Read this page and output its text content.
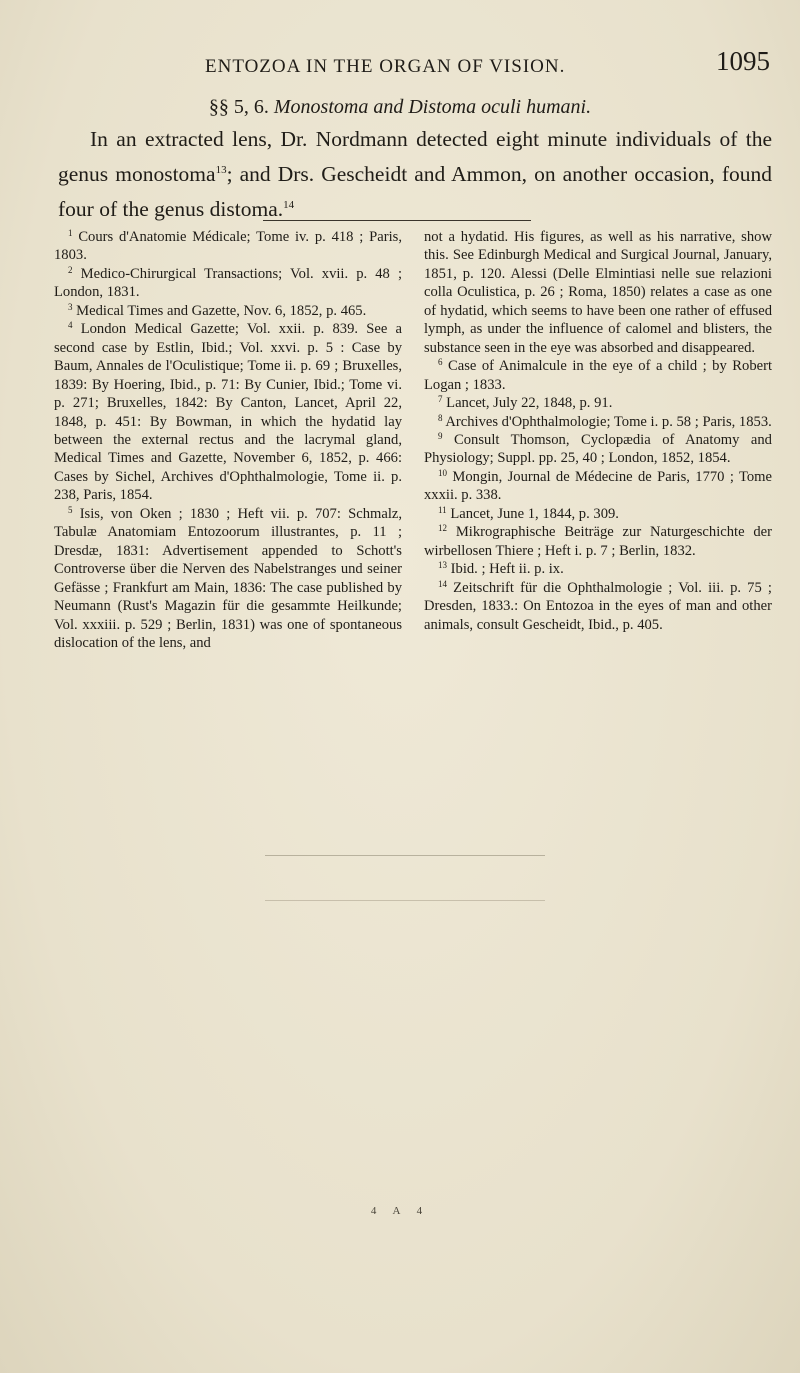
ENTOZOA IN THE ORGAN OF VISION.	1095
§§ 5, 6. Monostoma and Distoma oculi humani.

In an extracted lens, Dr. Nordmann detected eight minute individuals of the genus monostoma$^{13}$; and Drs. Gescheidt and Ammon, on another occasion, found four of the genus distoma.$^{14}$

$^1$ Cours d'Anatomie Médicale; Tome iv. p. 418 ; Paris, 1803.

$^2$ Medico-Chirurgical Transactions; Vol. xvii. p. 48 ; London, 1831.

$^3$ Medical Times and Gazette, Nov. 6, 1852, p. 465.

$^4$ London Medical Gazette; Vol. xxii. p. 839. See a second case by Estlin, Ibid.; Vol. xxvi. p. 5 : Case by Baum, Annales de l'Oculistique; Tome ii. p. 69 ; Bruxelles, 1839: By Hoering, Ibid., p. 71: By Cunier, Ibid.; Tome vi. p. 271; Bruxelles, 1842: By Canton, Lancet, April 22, 1848, p. 451: By Bowman, in which the hydatid lay between the external rectus and the lacrymal gland, Medical Times and Gazette, November 6, 1852, p. 466: Cases by Sichel, Archives d'Ophthalmologie, Tome ii. p. 238, Paris, 1854.

$^5$ Isis, von Oken ; 1830 ; Heft vii. p. 707: Schmalz, Tabulæ Anatomiam Entozoorum illustrantes, p. 11 ; Dresdæ, 1831: Advertisement appended to Schott's Controverse über die Nerven des Nabelstranges und seiner Gefässe ; Frankfurt am Main, 1836: The case published by Neumann (Rust's Magazin für die gesammte Heilkunde; Vol. xxxiii. p. 529 ; Berlin, 1831) was one of spontaneous dislocation of the lens, and

not a hydatid. His figures, as well as his narrative, show this. See Edinburgh Medical and Surgical Journal, January, 1851, p. 120. Alessi (Delle Elmintiasi nelle sue relazioni colla Oculistica, p. 26 ; Roma, 1850) relates a case as one of hydatid, which seems to have been one rather of effused lymph, as under the influence of calomel and blisters, the substance seen in the eye was absorbed and disappeared.

$^6$ Case of Animalcule in the eye of a child ; by Robert Logan ; 1833.

$^7$ Lancet, July 22, 1848, p. 91.

$^8$ Archives d'Ophthalmologie; Tome i. p. 58 ; Paris, 1853.

$^9$ Consult Thomson, Cyclopædia of Anatomy and Physiology; Suppl. pp. 25, 40 ; London, 1852, 1854.

$^{10}$ Mongin, Journal de Médecine de Paris, 1770 ; Tome xxxii. p. 338.

$^{11}$ Lancet, June 1, 1844, p. 309.

$^{12}$ Mikrographische Beiträge zur Naturgeschichte der wirbellosen Thiere ; Heft i. p. 7 ; Berlin, 1832.

$^{13}$ Ibid. ; Heft ii. p. ix.

$^{14}$ Zeitschrift für die Ophthalmologie ; Vol. iii. p. 75 ; Dresden, 1833.: On Entozoa in the eyes of man and other animals, consult Gescheidt, Ibid., p. 405.

4 A 4
